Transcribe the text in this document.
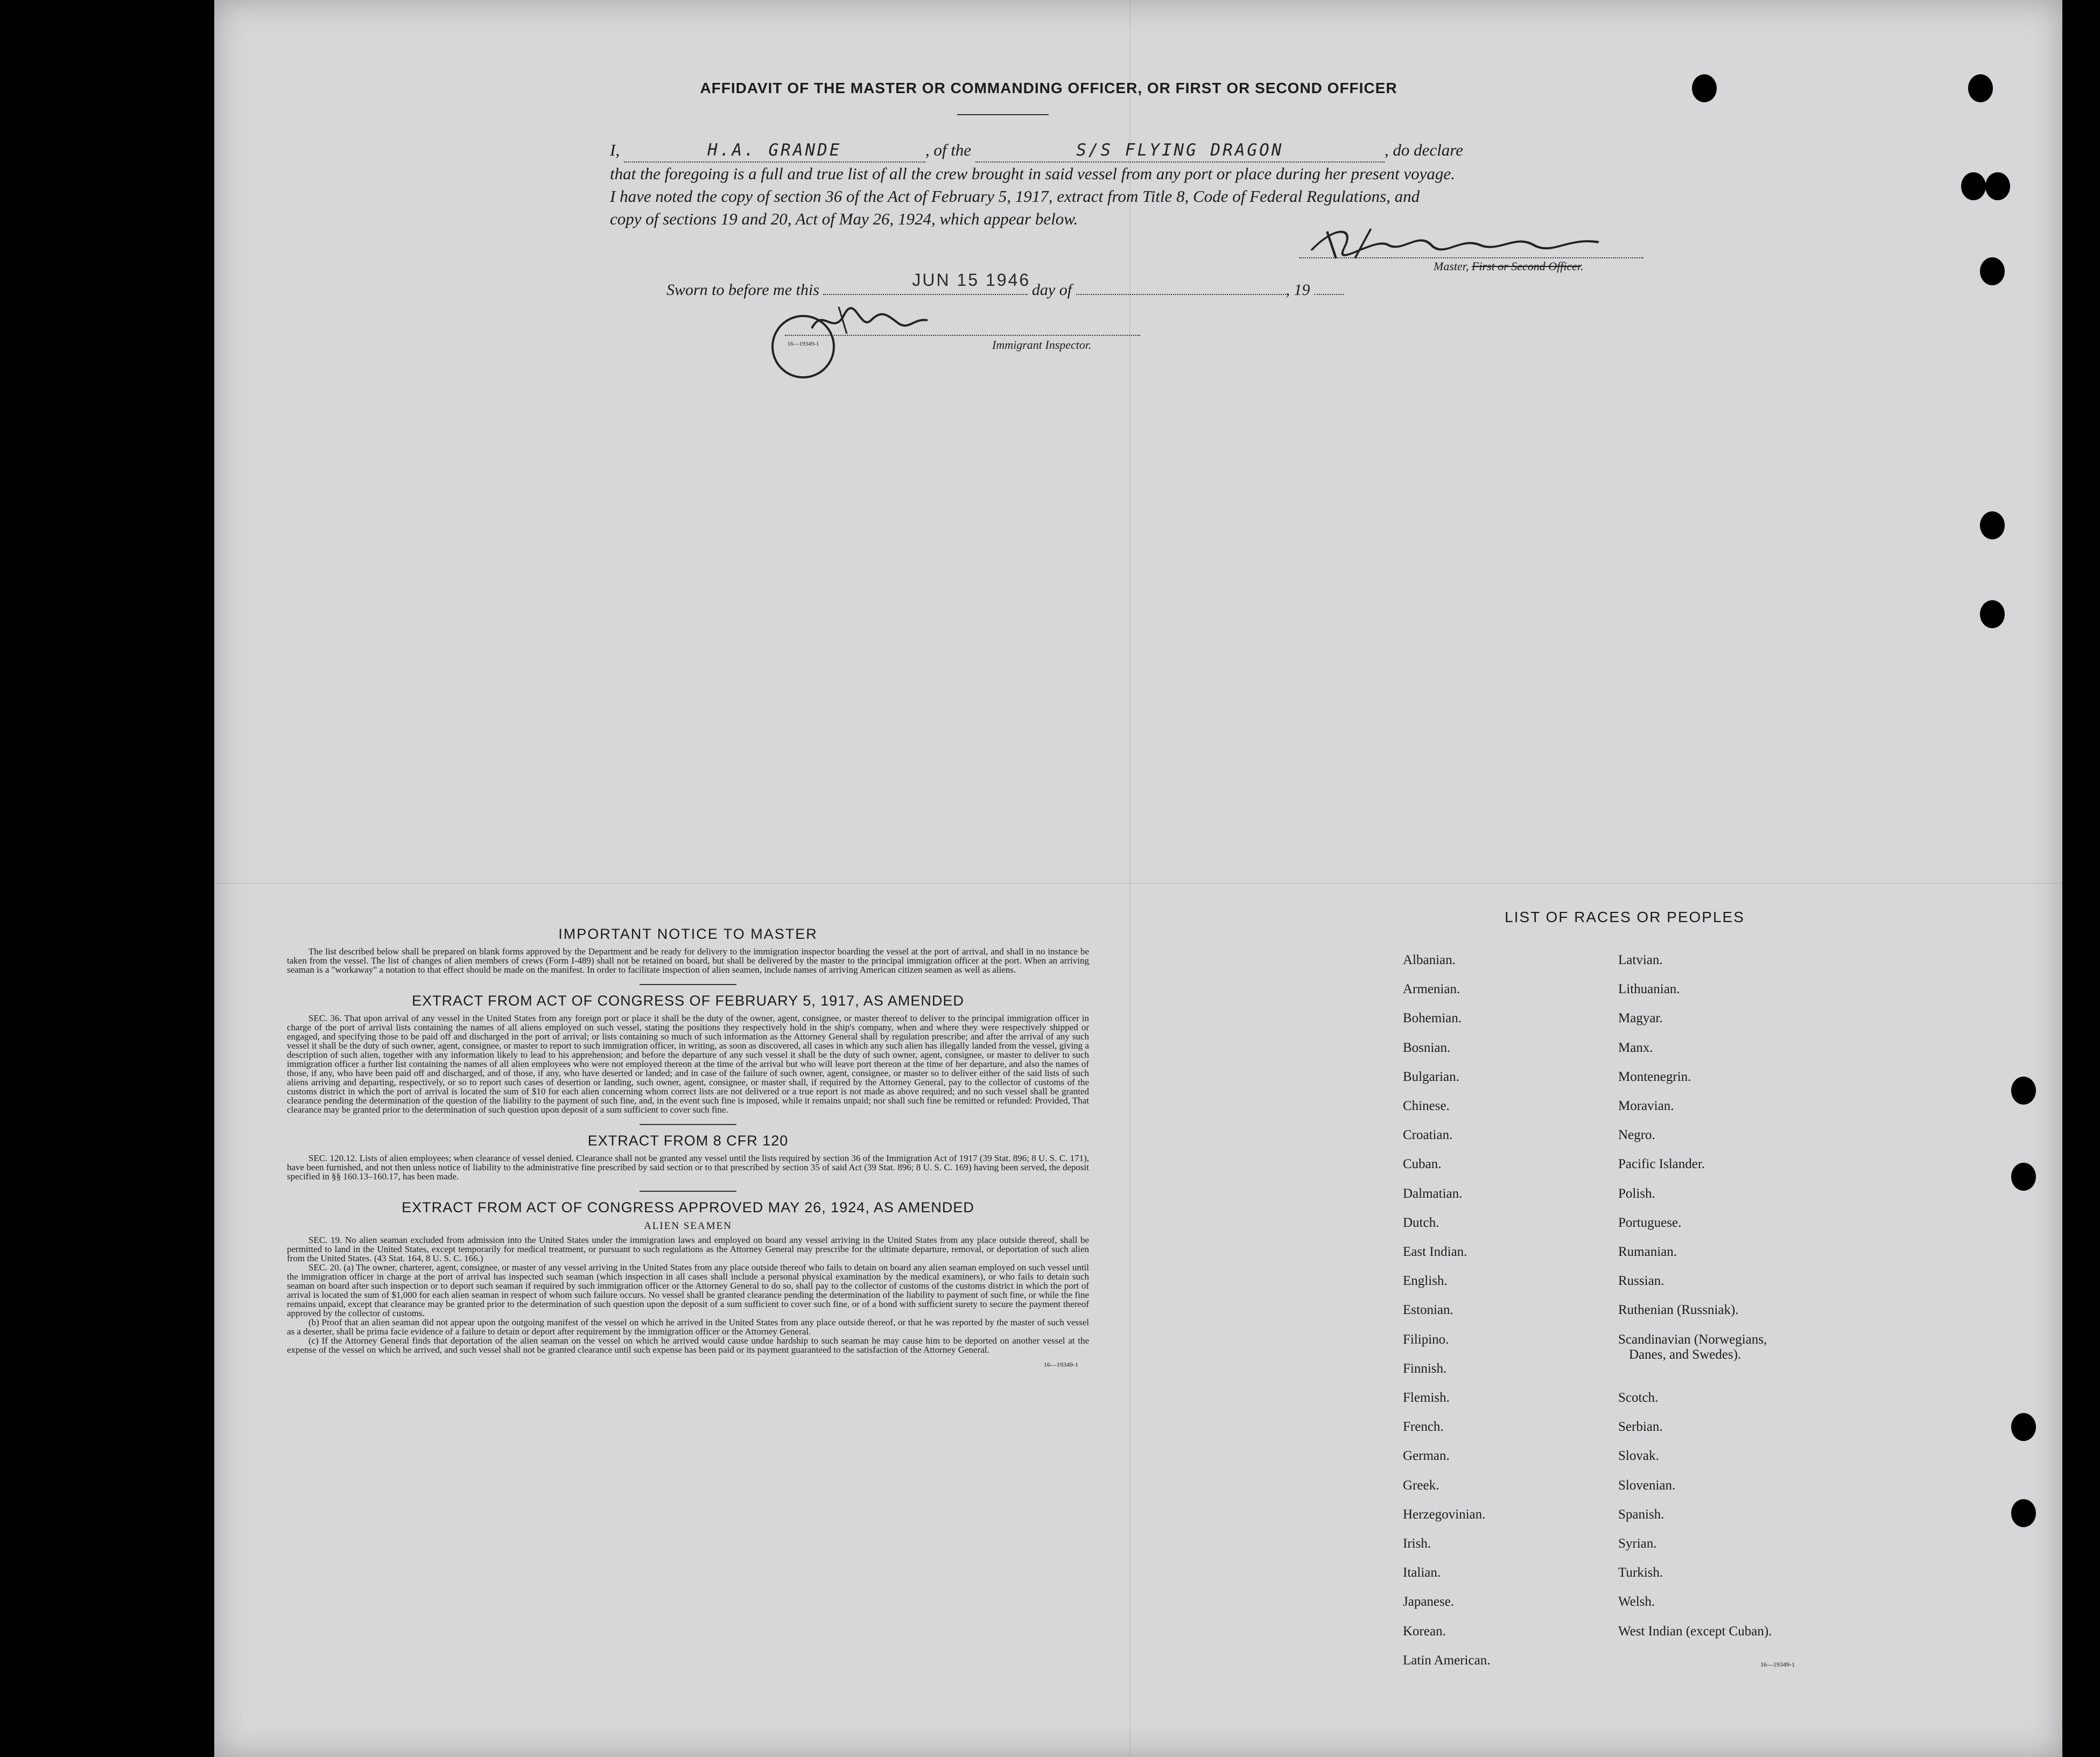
AFFIDAVIT OF THE MASTER OR COMMANDING OFFICER, OR FIRST OR SECOND OFFICER
I,	H.A. GRANDE	, of the	S/S FLYING DRAGON	, do declare
that the foregoing is a full and true list of all the crew brought in said vessel from any port or place during her present voyage.
I have noted the copy of section 36 of the Act of February 5, 1917, extract from Title 8, Code of Federal Regulations, and
copy of sections 19 and 20, Act of May 26, 1924, which appear below.
Master, First or Second Officer.
Sworn to before me this
JUN 15 1946
day of	, 19
16—19349-1	Immigrant Inspector.
IMPORTANT NOTICE TO MASTER
The list described below shall be prepared on blank forms approved by the Department and be ready for delivery to the immigration inspector boarding the vessel at the port of arrival, and shall in no instance be taken from the vessel. The list of changes of alien members of crews (Form I-489) shall not be retained on board, but shall be delivered by the master to the principal immigration officer at the port. When an arriving seaman is a "workaway" a notation to that effect should be made on the manifest. In order to facilitate inspection of alien seamen, include names of arriving American citizen seamen as well as aliens.
EXTRACT FROM ACT OF CONGRESS OF FEBRUARY 5, 1917, AS AMENDED
SEC. 36. That upon arrival of any vessel in the United States from any foreign port or place it shall be the duty of the owner, agent, consignee, or master thereof to deliver to the principal immigration officer in charge of the port of arrival lists containing the names of all aliens employed on such vessel, stating the positions they respectively hold in the ship's company, when and where they were respectively shipped or engaged, and specifying those to be paid off and discharged in the port of arrival; or lists containing so much of such information as the Attorney General shall by regulation prescribe; and after the arrival of any such vessel it shall be the duty of such owner, agent, consignee, or master to report to such immigration officer, in writing, as soon as discovered, all cases in which any such alien has illegally landed from the vessel, giving a description of such alien, together with any information likely to lead to his apprehension; and before the departure of any such vessel it shall be the duty of such owner, agent, consignee, or master to deliver to such immigration officer a further list containing the names of all alien employees who were not employed thereon at the time of the arrival but who will leave port thereon at the time of her departure, and also the names of those, if any, who have been paid off and discharged, and of those, if any, who have deserted or landed; and in case of the failure of such owner, agent, consignee, or master so to deliver either of the said lists of such aliens arriving and departing, respectively, or so to report such cases of desertion or landing, such owner, agent, consignee, or master shall, if required by the Attorney General, pay to the collector of customs of the customs district in which the port of arrival is located the sum of $10 for each alien concerning whom correct lists are not delivered or a true report is not made as above required; and no such vessel shall be granted clearance pending the determination of the question of the liability to the payment of such fine, and, in the event such fine is imposed, while it remains unpaid; nor shall such fine be remitted or refunded: Provided, That clearance may be granted prior to the determination of such question upon deposit of a sum sufficient to cover such fine.
EXTRACT FROM 8 CFR 120
SEC. 120.12. Lists of alien employees; when clearance of vessel denied. Clearance shall not be granted any vessel until the lists required by section 36 of the Immigration Act of 1917 (39 Stat. 896; 8 U. S. C. 171), have been furnished, and not then unless notice of liability to the administrative fine prescribed by said section or to that prescribed by section 35 of said Act (39 Stat. 896; 8 U. S. C. 169) having been served, the deposit specified in §§ 160.13–160.17, has been made.
EXTRACT FROM ACT OF CONGRESS APPROVED MAY 26, 1924, AS AMENDED
ALIEN SEAMEN
SEC. 19. No alien seaman excluded from admission into the United States under the immigration laws and employed on board any vessel arriving in the United States from any place outside thereof, shall be permitted to land in the United States, except temporarily for medical treatment, or pursuant to such regulations as the Attorney General may prescribe for the ultimate departure, removal, or deportation of such alien from the United States. (43 Stat. 164, 8 U. S. C. 166.)
SEC. 20. (a) The owner, charterer, agent, consignee, or master of any vessel arriving in the United States from any place outside thereof who fails to detain on board any alien seaman employed on such vessel until the immigration officer in charge at the port of arrival has inspected such seaman (which inspection in all cases shall include a personal physical examination by the medical examiners), or who fails to detain such seaman on board after such inspection or to deport such seaman if required by such immigration officer or the Attorney General to do so, shall pay to the collector of customs of the customs district in which the port of arrival is located the sum of $1,000 for each alien seaman in respect of whom such failure occurs. No vessel shall be granted clearance pending the determination of the liability to payment of such fine, or while the fine remains unpaid, except that clearance may be granted prior to the determination of such question upon the deposit of a sum sufficient to cover such fine, or of a bond with sufficient surety to secure the payment thereof approved by the collector of customs.
(b) Proof that an alien seaman did not appear upon the outgoing manifest of the vessel on which he arrived in the United States from any place outside thereof, or that he was reported by the master of such vessel as a deserter, shall be prima facie evidence of a failure to detain or deport after requirement by the immigration officer or the Attorney General.
(c) If the Attorney General finds that deportation of the alien seaman on the vessel on which he arrived would cause undue hardship to such seaman he may cause him to be deported on another vessel at the expense of the vessel on which he arrived, and such vessel shall not be granted clearance until such expense has been paid or its payment guaranteed to the satisfaction of the Attorney General.
16—19349-1
LIST OF RACES OR PEOPLES
Albanian.
Armenian.
Bohemian.
Bosnian.
Bulgarian.
Chinese.
Croatian.
Cuban.
Dalmatian.
Dutch.
East Indian.
English.
Estonian.
Filipino.
Finnish.
Flemish.
French.
German.
Greek.
Herzegovinian.
Irish.
Italian.
Japanese.
Korean.
Latin American.
Latvian.
Lithuanian.
Magyar.
Manx.
Montenegrin.
Moravian.
Negro.
Pacific Islander.
Polish.
Portuguese.
Rumanian.
Russian.
Ruthenian (Russniak).
Scandinavian (Norwegians,
Danes, and Swedes).
Scotch.
Serbian.
Slovak.
Slovenian.
Spanish.
Syrian.
Turkish.
Welsh.
West Indian (except Cuban).
16—19349-1
